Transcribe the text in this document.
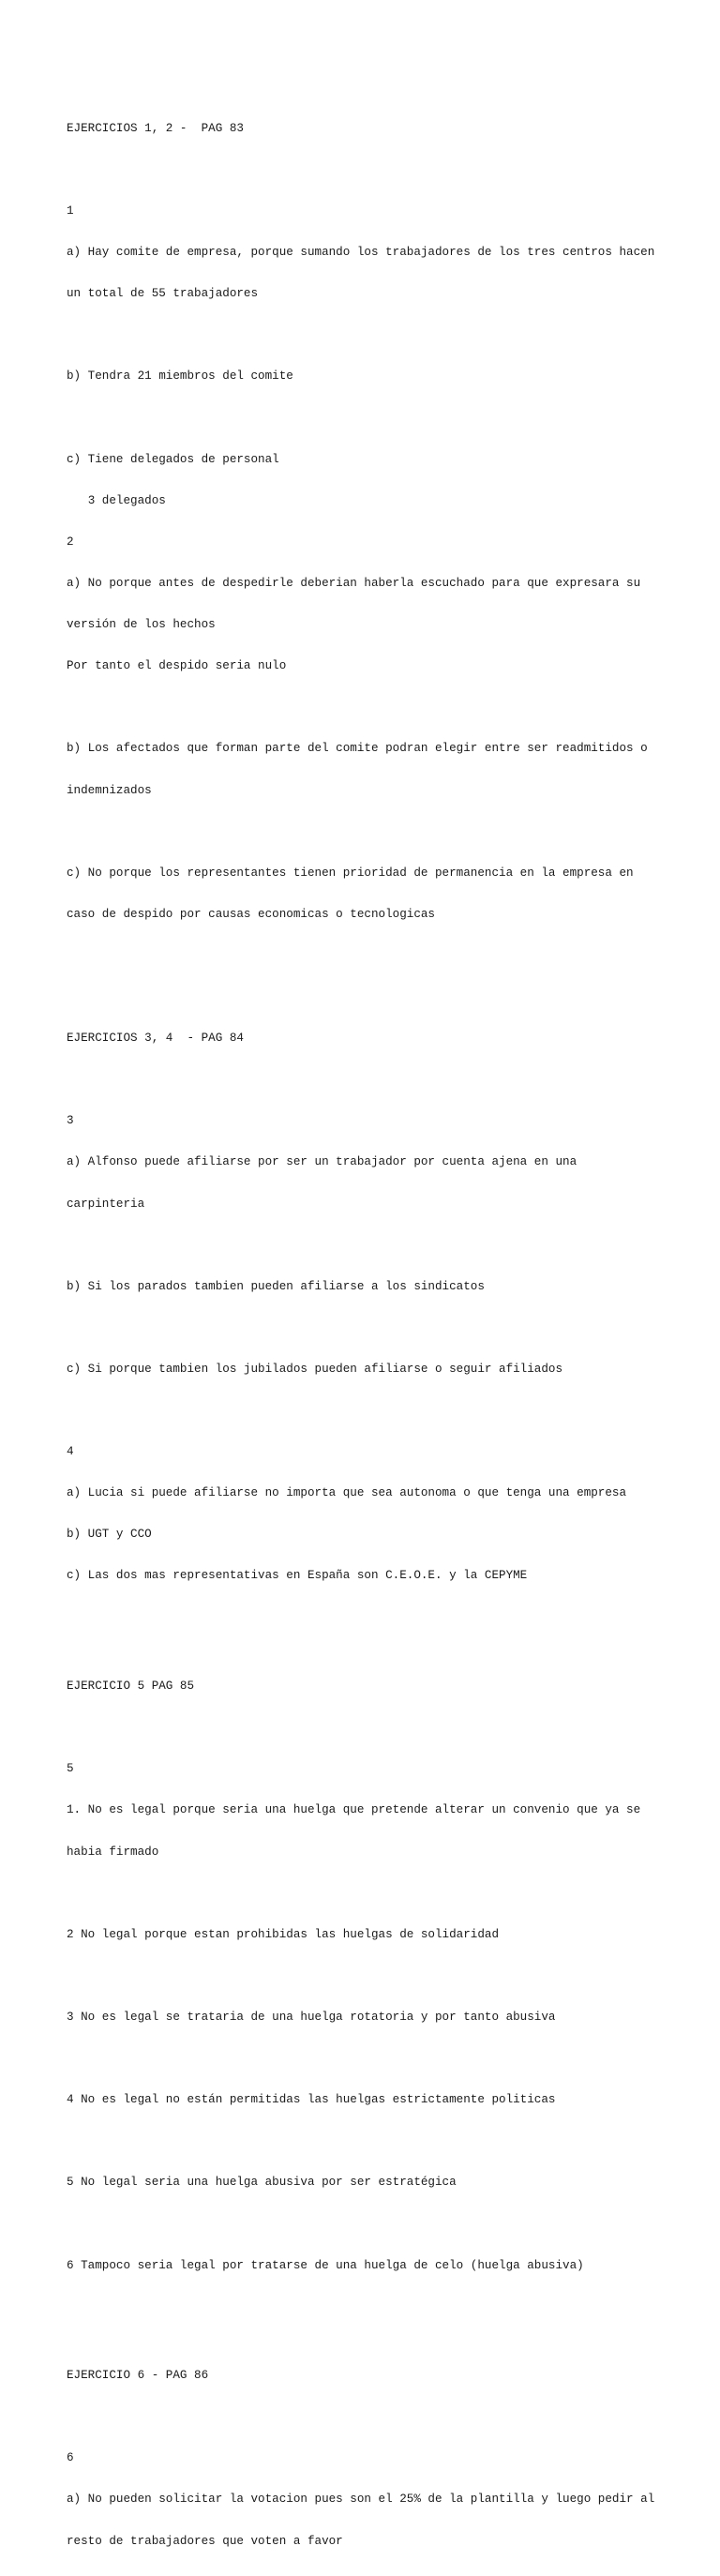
EJERCICIOS 1, 2 -  PAG 83

1

a) Hay comite de empresa, porque sumando los trabajadores de los tres centros hacen

un total de 55 trabajadores

b) Tendra 21 miembros del comite

c) Tiene delegados de personal

3 delegados

2

a) No porque antes de despedirle deberian haberla escuchado para que expresara su

versión de los hechos

Por tanto el despido seria nulo

b) Los afectados que forman parte del comite podran elegir entre ser readmitidos o

indemnizados

c) No porque los representantes tienen prioridad de permanencia en la empresa en

caso de despido por causas economicas o tecnologicas

EJERCICIOS 3, 4  - PAG 84

3

a) Alfonso puede afiliarse por ser un trabajador por cuenta ajena en una

carpinteria

b) Si los parados tambien pueden afiliarse a los sindicatos

c) Si porque tambien los jubilados pueden afiliarse o seguir afiliados

4

a) Lucia si puede afiliarse no importa que sea autonoma o que tenga una empresa

b) UGT y CCO

c) Las dos mas representativas en España son C.E.O.E. y la CEPYME

EJERCICIO 5 PAG 85

5

1. No es legal porque seria una huelga que pretende alterar un convenio que ya se

habia firmado

2 No legal porque estan prohibidas las huelgas de solidaridad

3 No es legal se trataria de una huelga rotatoria y por tanto abusiva

4 No es legal no están permitidas las huelgas estrictamente politicas

5 No legal seria una huelga abusiva por ser estratégica

6 Tampoco seria legal por tratarse de una huelga de celo (huelga abusiva)

EJERCICIO 6 - PAG 86

6

a) No pueden solicitar la votacion pues son el 25% de la plantilla y luego pedir al

resto de trabajadores que voten a favor
